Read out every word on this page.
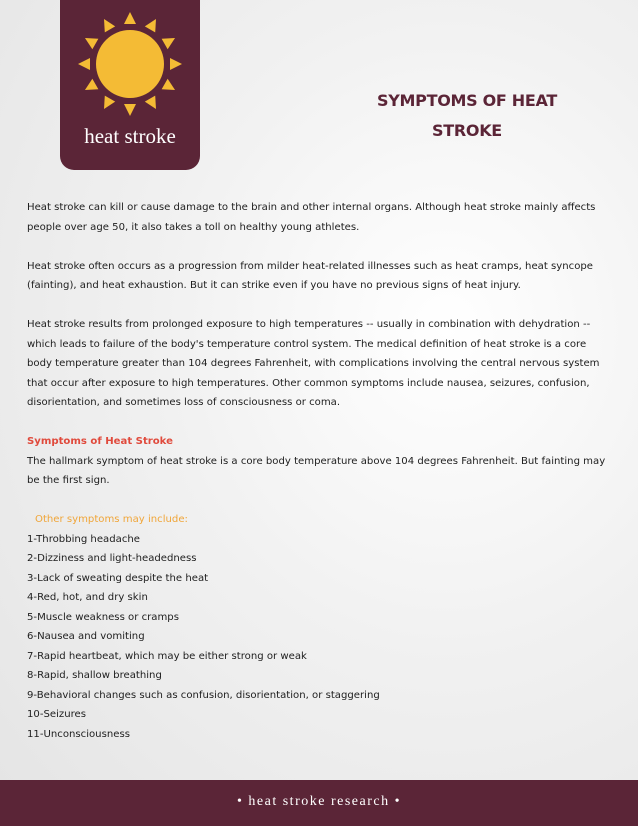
heat stroke
SYMPTOMS OF HEAT
STROKE

Heat stroke can kill or cause damage to the brain and other internal organs. Although heat stroke mainly affects people over age 50, it also takes a toll on healthy young athletes.

Heat stroke often occurs as a progression from milder heat-related illnesses such as heat cramps, heat syncope (fainting), and heat exhaustion. But it can strike even if you have no previous signs of heat injury.

Heat stroke results from prolonged exposure to high temperatures -- usually in combination with dehydration -- which leads to failure of the body's temperature control system. The medical definition of heat stroke is a core body temperature greater than 104 degrees Fahrenheit, with complications involving the central nervous system that occur after exposure to high temperatures. Other common symptoms include nausea, seizures, confusion, disorientation, and sometimes loss of consciousness or coma.

Symptoms of Heat Stroke
The hallmark symptom of heat stroke is a core body temperature above 104 degrees Fahrenheit. But fainting may be the first sign.

Other symptoms may include:
1-Throbbing headache
2-Dizziness and light-headedness
3-Lack of sweating despite the heat
4-Red, hot, and dry skin
5-Muscle weakness or cramps
6-Nausea and vomiting
7-Rapid heartbeat, which may be either strong or weak
8-Rapid, shallow breathing
9-Behavioral changes such as confusion, disorientation, or staggering
10-Seizures
11-Unconsciousness
• heat stroke research •
